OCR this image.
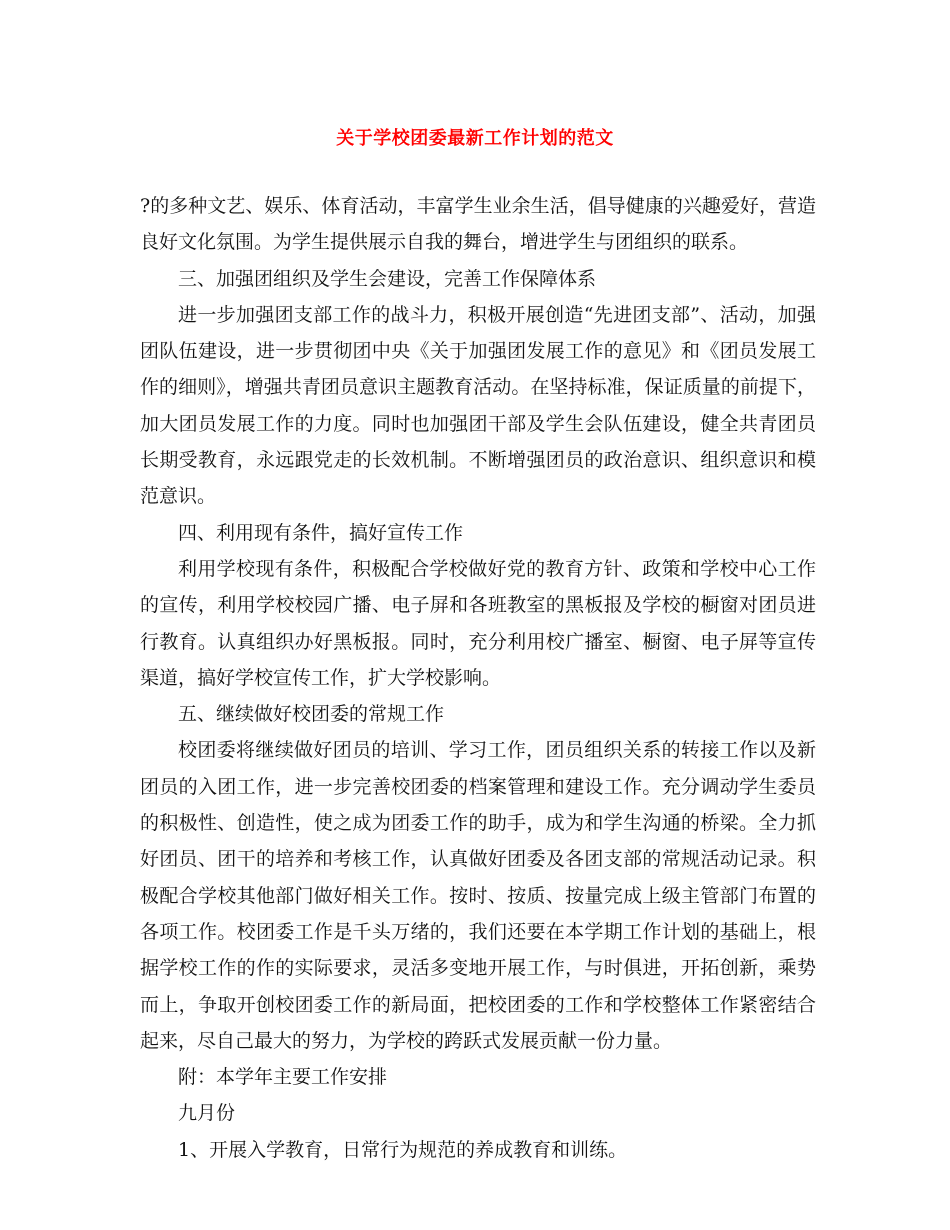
关于学校团委最新工作计划的范文

?的多种文艺、娱乐、体育活动，丰富学生业余生活，倡导健康的兴趣爱好，营造良好文化氛围。为学生提供展示自我的舞台，增进学生与团组织的联系。

三、加强团组织及学生会建设，完善工作保障体系

进一步加强团支部工作的战斗力，积极开展创造“先进团支部”、活动，加强团队伍建设，进一步贯彻团中央《关于加强团发展工作的意见》和《团员发展工作的细则》，增强共青团员意识主题教育活动。在坚持标准，保证质量的前提下，加大团员发展工作的力度。同时也加强团干部及学生会队伍建设，健全共青团员长期受教育，永远跟党走的长效机制。不断增强团员的政治意识、组织意识和模范意识。

四、利用现有条件，搞好宣传工作

利用学校现有条件，积极配合学校做好党的教育方针、政策和学校中心工作的宣传，利用学校校园广播、电子屏和各班教室的黑板报及学校的橱窗对团员进行教育。认真组织办好黑板报。同时，充分利用校广播室、橱窗、电子屏等宣传渠道，搞好学校宣传工作，扩大学校影响。

五、继续做好校团委的常规工作

校团委将继续做好团员的培训、学习工作，团员组织关系的转接工作以及新团员的入团工作，进一步完善校团委的档案管理和建设工作。充分调动学生委员的积极性、创造性，使之成为团委工作的助手，成为和学生沟通的桥梁。全力抓好团员、团干的培养和考核工作，认真做好团委及各团支部的常规活动记录。积极配合学校其他部门做好相关工作。按时、按质、按量完成上级主管部门布置的各项工作。校团委工作是千头万绪的，我们还要在本学期工作计划的基础上，根据学校工作的作的实际要求，灵活多变地开展工作，与时俱进，开拓创新，乘势而上，争取开创校团委工作的新局面，把校团委的工作和学校整体工作紧密结合起来，尽自己最大的努力，为学校的跨跃式发展贡献一份力量。

附：本学年主要工作安排

九月份

1、开展入学教育，日常行为规范的养成教育和训练。
